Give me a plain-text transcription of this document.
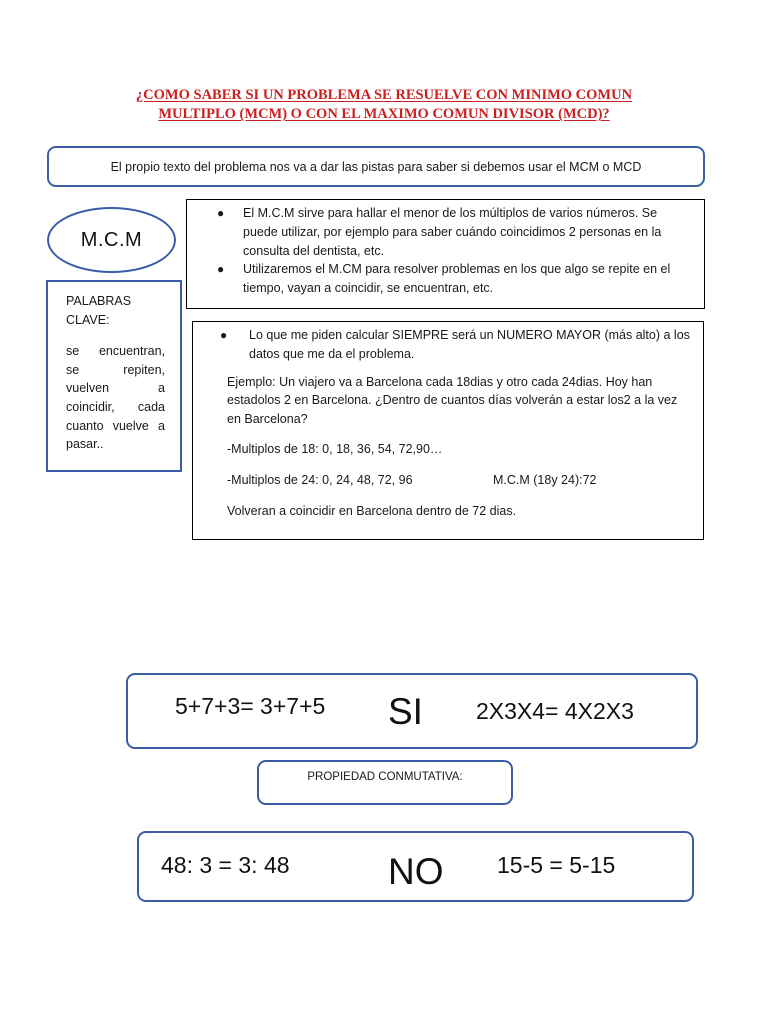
¿COMO SABER SI UN PROBLEMA SE RESUELVE CON MINIMO COMUN
MULTIPLO (MCM) O CON EL MAXIMO COMUN DIVISOR (MCD)?
El propio texto del problema nos va a dar las pistas para saber si debemos usar el MCM o MCD
M.C.M

PALABRAS CLAVE:

se encuentran, se repiten, vuelven a coincidir, cada cuanto vuelve a pasar..

● El M.C.M sirve para hallar el menor de los múltiplos de varios números. Se puede utilizar, por ejemplo para saber cuándo coincidimos 2 personas en la consulta del dentista, etc.
● Utilizaremos el M.CM para resolver problemas en los que algo se repite en el tiempo, vayan a coincidir, se encuentran, etc.
● Lo que me piden calcular SIEMPRE será un NUMERO MAYOR (más alto) a los datos que me da el problema.

Ejemplo: Un viajero va a Barcelona cada 18dias y otro cada 24dias. Hoy han estadolos 2 en Barcelona. ¿Dentro de cuantos días volverán a estar los2 a la vez en Barcelona?

-Multiplos de 18: 0, 18, 36, 54, 72,90…

-Multiplos de 24: 0, 24, 48, 72, 96	M.C.M (18y 24):72

Volveran a coincidir en Barcelona dentro de 72 dias.

5+7+3= 3+7+5 SI 2X3X4= 4X2X3
PROPIEDAD CONMUTATIVA:
48: 3 = 3: 48	NO 15-5 = 5-15
